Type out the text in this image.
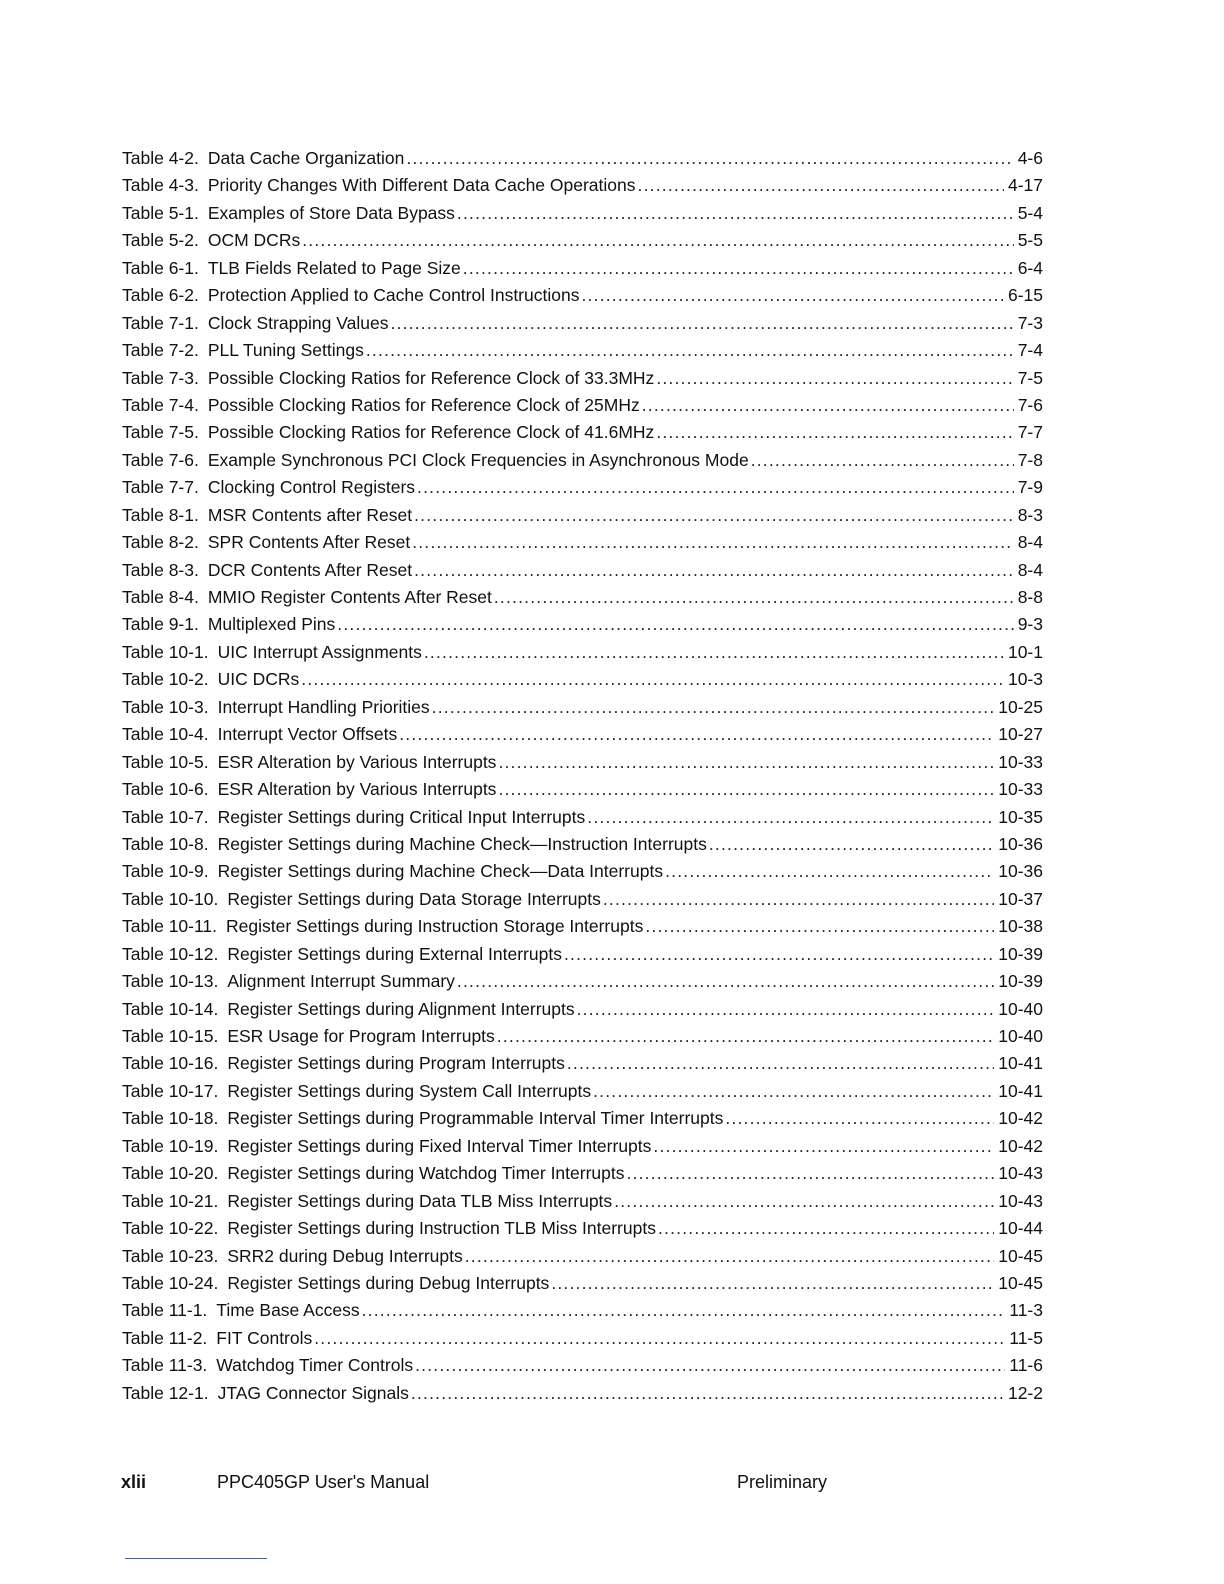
Table 4-2. Data Cache Organization .....	4-6
Table 4-3. Priority Changes With Different Data Cache Operations .....	4-17
Table 5-1. Examples of Store Data Bypass .....	5-4
Table 5-2. OCM DCRs .....	5-5
Table 6-1. TLB Fields Related to Page Size .....	6-4
Table 6-2. Protection Applied to Cache Control Instructions .....	6-15
Table 7-1. Clock Strapping Values .....	7-3
Table 7-2. PLL Tuning Settings .....	7-4
Table 7-3. Possible Clocking Ratios for Reference Clock of 33.3MHz .....	7-5
Table 7-4. Possible Clocking Ratios for Reference Clock of 25MHz .....	7-6
Table 7-5. Possible Clocking Ratios for Reference Clock of 41.6MHz .....	7-7
Table 7-6. Example Synchronous PCI Clock Frequencies in Asynchronous Mode .....	7-8
Table 7-7. Clocking Control Registers .....	7-9
Table 8-1. MSR Contents after Reset .....	8-3
Table 8-2. SPR Contents After Reset .....	8-4
Table 8-3. DCR Contents After Reset .....	8-4
Table 8-4. MMIO Register Contents After Reset .....	8-8
Table 9-1. Multiplexed Pins .....	9-3
Table 10-1. UIC Interrupt Assignments .....	10-1
Table 10-2. UIC DCRs .....	10-3
Table 10-3. Interrupt Handling Priorities .....	10-25
Table 10-4. Interrupt Vector Offsets .....	10-27
Table 10-5. ESR Alteration by Various Interrupts .....	10-33
Table 10-6. ESR Alteration by Various Interrupts .....	10-33
Table 10-7. Register Settings during Critical Input Interrupts .....	10-35
Table 10-8. Register Settings during Machine Check—Instruction Interrupts .....	10-36
Table 10-9. Register Settings during Machine Check—Data Interrupts .....	10-36
Table 10-10. Register Settings during Data Storage Interrupts .....	10-37
Table 10-11. Register Settings during Instruction Storage Interrupts .....	10-38
Table 10-12. Register Settings during External Interrupts .....	10-39
Table 10-13. Alignment Interrupt Summary .....	10-39
Table 10-14. Register Settings during Alignment Interrupts .....	10-40
Table 10-15. ESR Usage for Program Interrupts .....	10-40
Table 10-16. Register Settings during Program Interrupts .....	10-41
Table 10-17. Register Settings during System Call Interrupts .....	10-41
Table 10-18. Register Settings during Programmable Interval Timer Interrupts .....	10-42
Table 10-19. Register Settings during Fixed Interval Timer Interrupts .....	10-42
Table 10-20. Register Settings during Watchdog Timer Interrupts .....	10-43
Table 10-21. Register Settings during Data TLB Miss Interrupts .....	10-43
Table 10-22. Register Settings during Instruction TLB Miss Interrupts .....	10-44
Table 10-23. SRR2 during Debug Interrupts .....	10-45
Table 10-24. Register Settings during Debug Interrupts .....	10-45
Table 11-1. Time Base Access .....	11-3
Table 11-2. FIT Controls .....	11-5
Table 11-3. Watchdog Timer Controls .....	11-6
Table 12-1. JTAG Connector Signals .....	12-2
xlii	PPC405GP User's Manual	Preliminary
